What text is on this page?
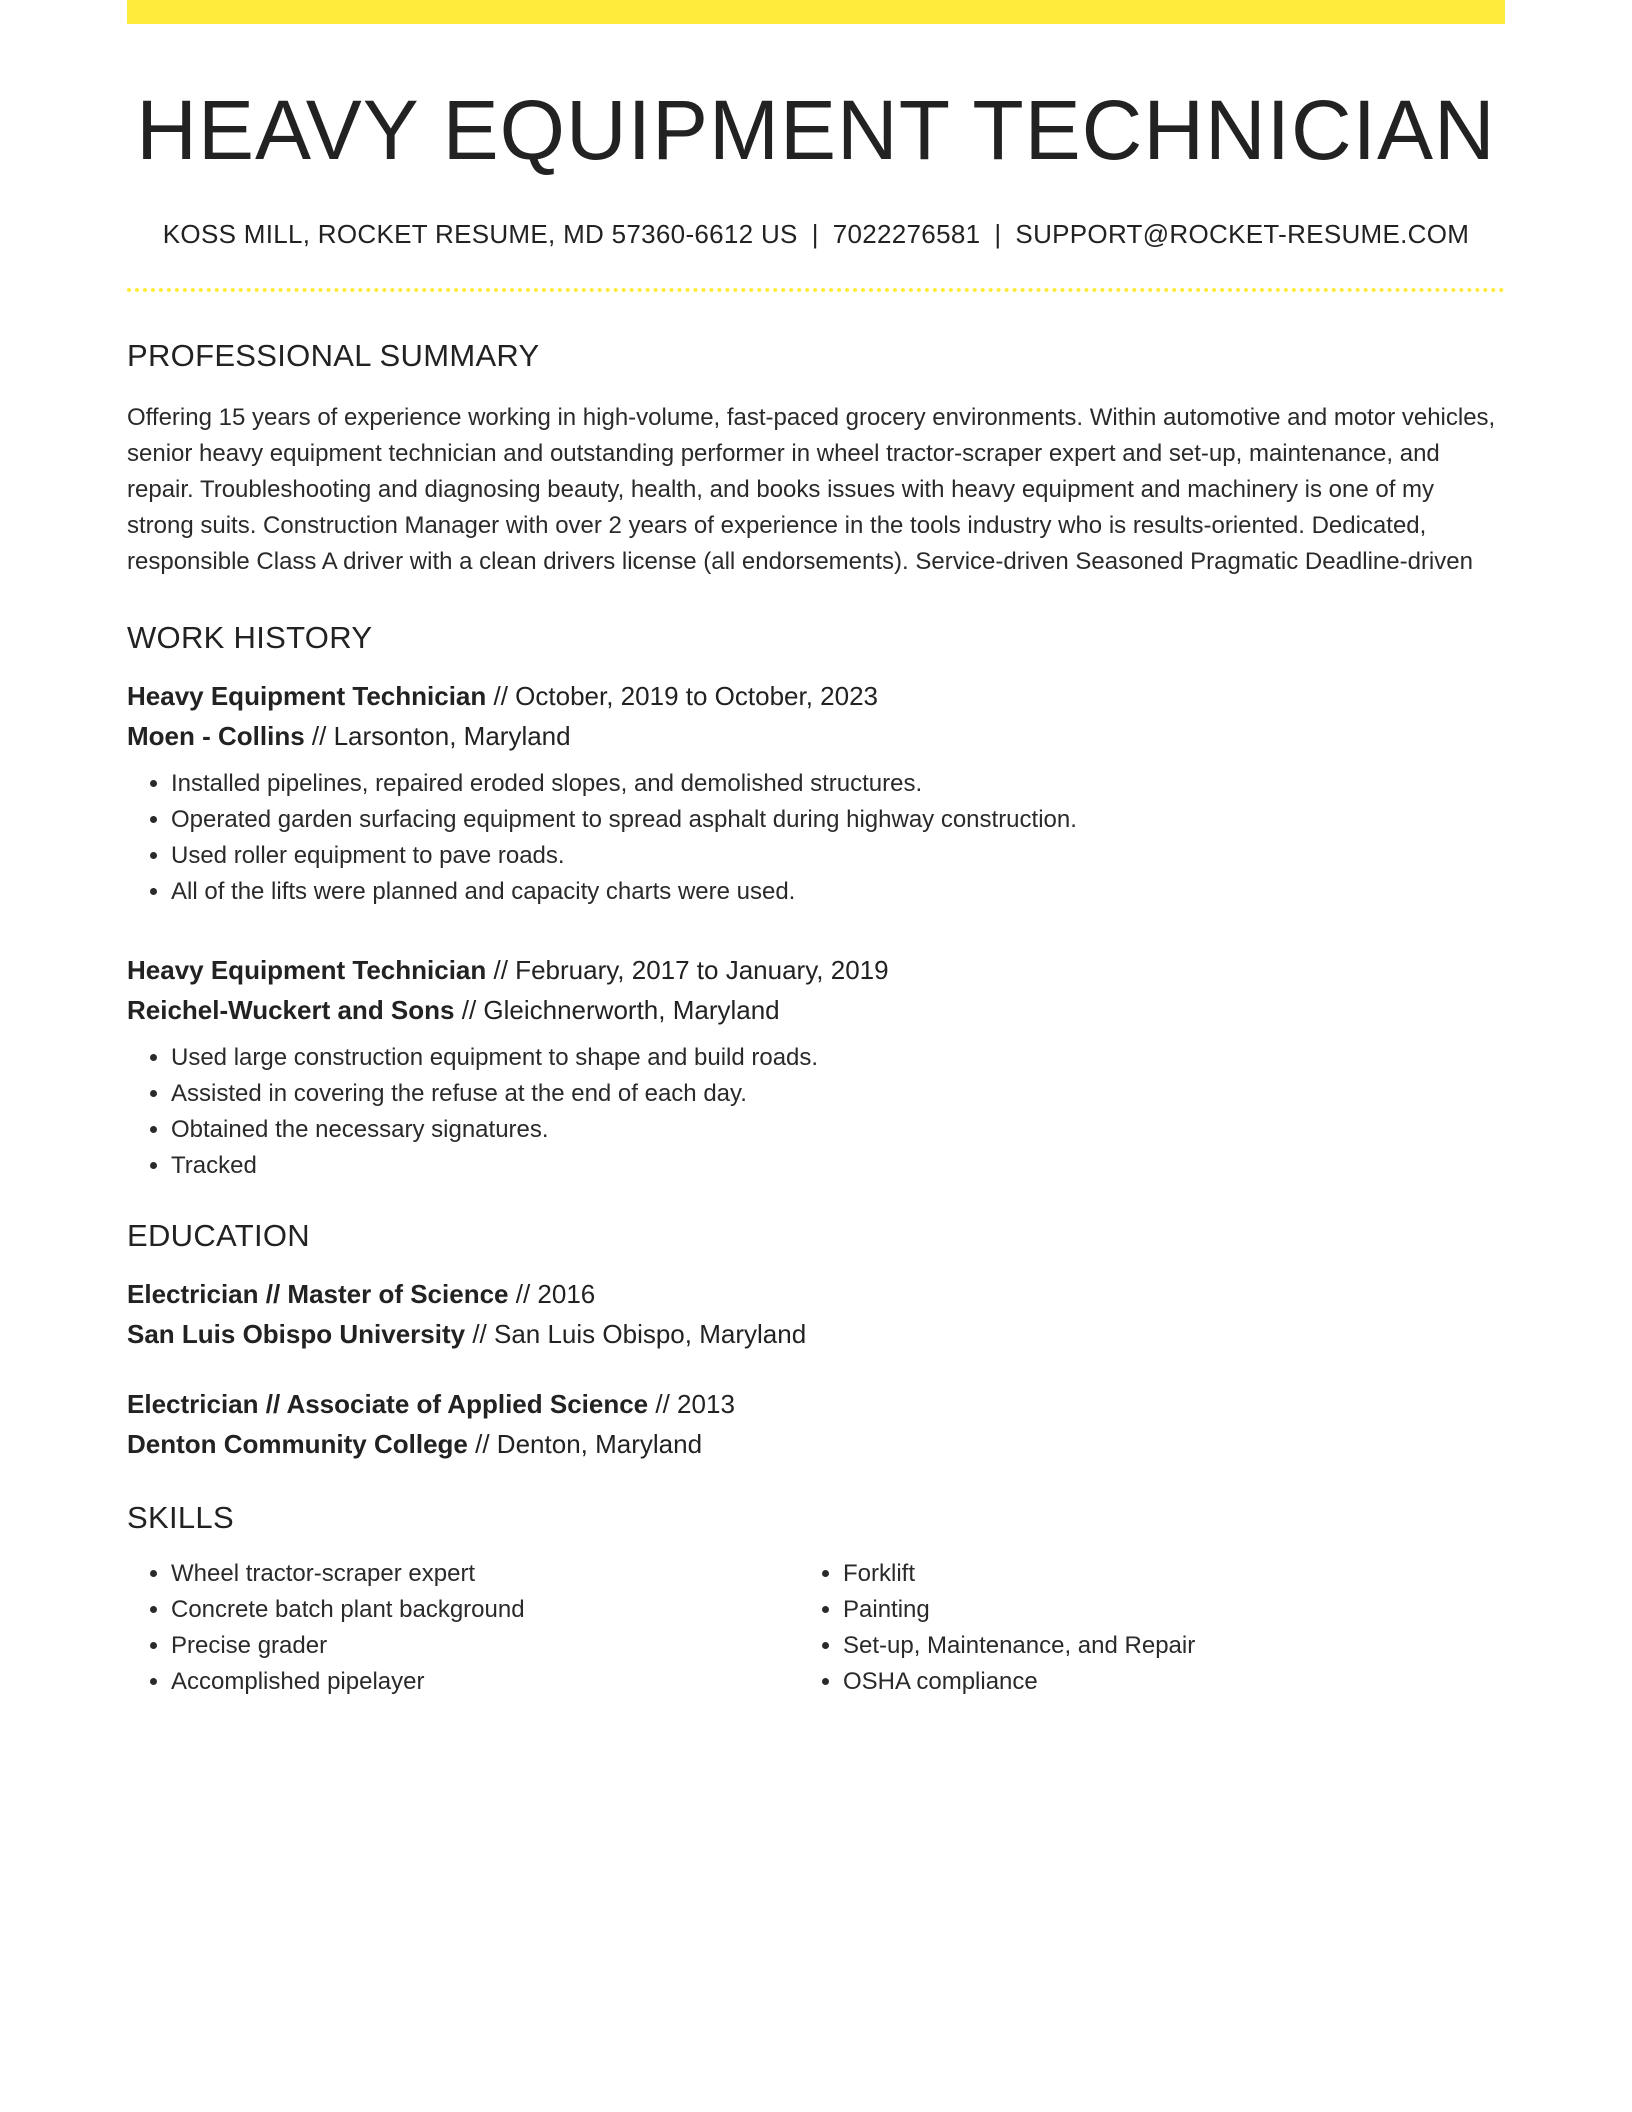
HEAVY EQUIPMENT TECHNICIAN
KOSS MILL, ROCKET RESUME, MD 57360-6612 US | 7022276581 | SUPPORT@ROCKET-RESUME.COM
PROFESSIONAL SUMMARY

Offering 15 years of experience working in high-volume, fast-paced grocery environments. Within automotive and motor vehicles, senior heavy equipment technician and outstanding performer in wheel tractor-scraper expert and set-up, maintenance, and repair. Troubleshooting and diagnosing beauty, health, and books issues with heavy equipment and machinery is one of my strong suits. Construction Manager with over 2 years of experience in the tools industry who is results-oriented. Dedicated, responsible Class A driver with a clean drivers license (all endorsements). Service-driven Seasoned Pragmatic Deadline-driven

WORK HISTORY
Heavy Equipment Technician // October, 2019 to October, 2023
Moen - Collins // Larsonton, Maryland
• Installed pipelines, repaired eroded slopes, and demolished structures.
• Operated garden surfacing equipment to spread asphalt during highway construction.
• Used roller equipment to pave roads.
• All of the lifts were planned and capacity charts were used.
Heavy Equipment Technician // February, 2017 to January, 2019
Reichel-Wuckert and Sons // Gleichnerworth, Maryland
• Used large construction equipment to shape and build roads.
• Assisted in covering the refuse at the end of each day.
• Obtained the necessary signatures.
• Tracked
EDUCATION
Electrician // Master of Science // 2016
San Luis Obispo University // San Luis Obispo, Maryland
Electrician // Associate of Applied Science // 2013
Denton Community College // Denton, Maryland
SKILLS
• Wheel tractor-scraper expert
• Concrete batch plant background
• Precise grader
• Accomplished pipelayer
• Forklift
• Painting
• Set-up, Maintenance, and Repair
• OSHA compliance
